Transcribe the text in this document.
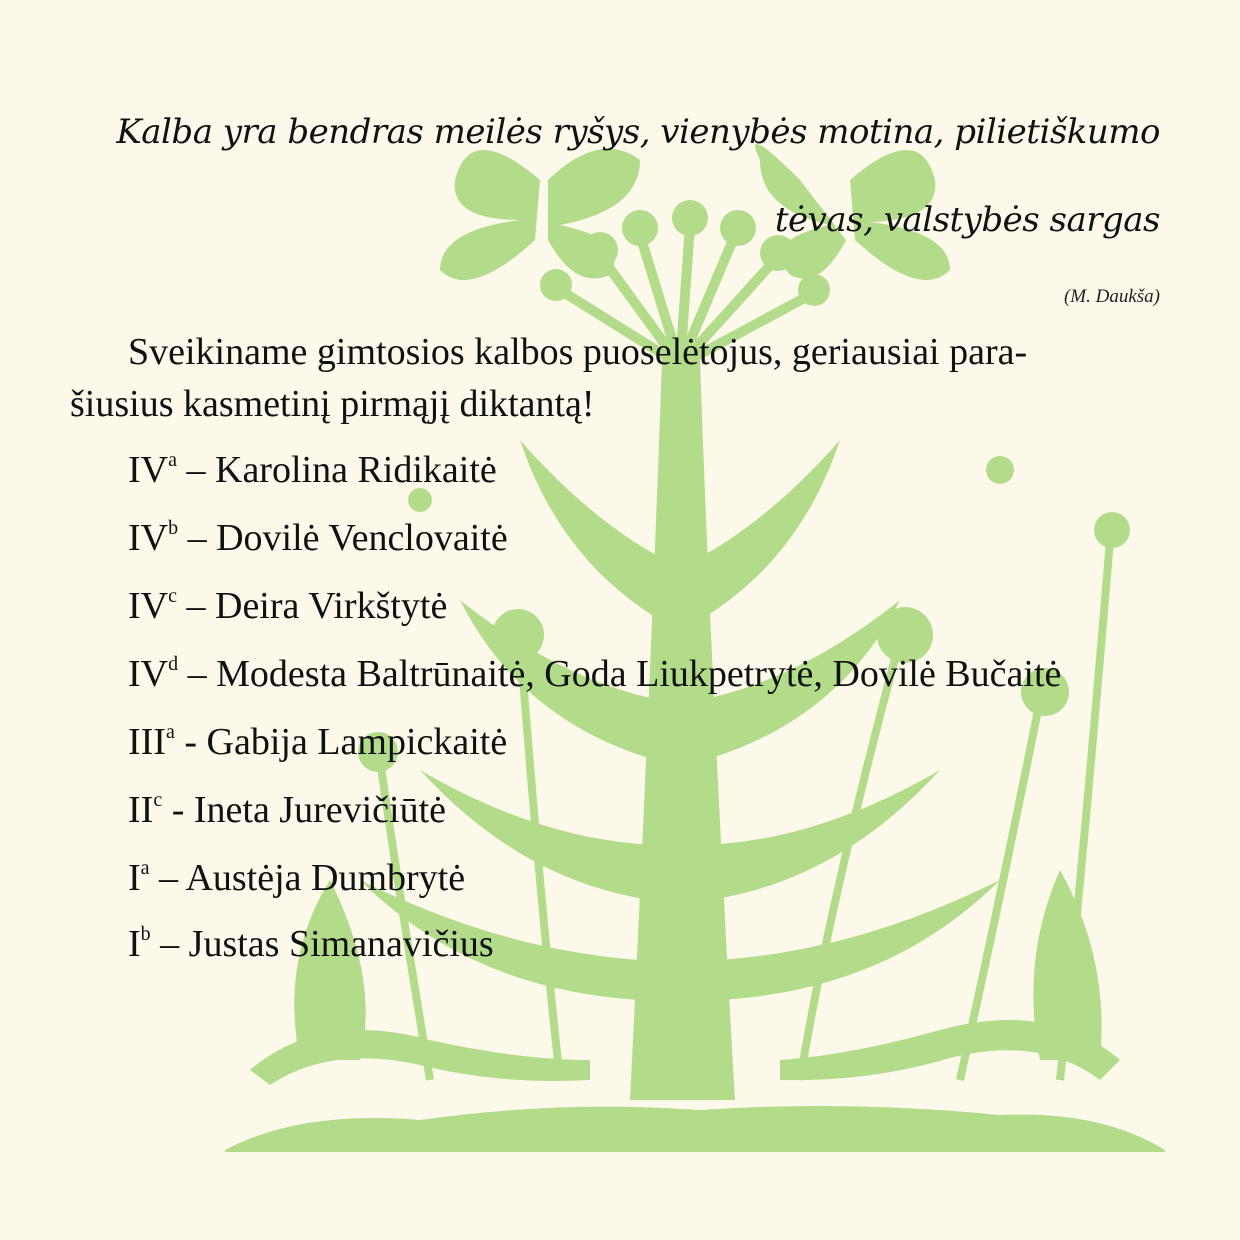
Kalba yra bendras meilės ryšys, vienybės motina, pilietiškumo
tėvas, valstybės sargas
(M. Daukša)
Sveikiname gimtosios kalbos puoselėtojus, geriausiai para-
šiusius kasmetinį pirmąjį diktantą!
$IV^a$ – Karolina Ridikaitė
$IV^b$ – Dovilė Venclovaitė
$IV^c$ – Deira Virkštytė
$IV^d$ – Modesta Baltrūnaitė, Goda Liukpetrytė, Dovilė Bučaitė
III$^a$ - Gabija Lampickaitė
$II^c$ - Ineta Jurevičiūtė
$I^a$ – Austėja Dumbrytė
$I^b$ – Justas Simanavičius
